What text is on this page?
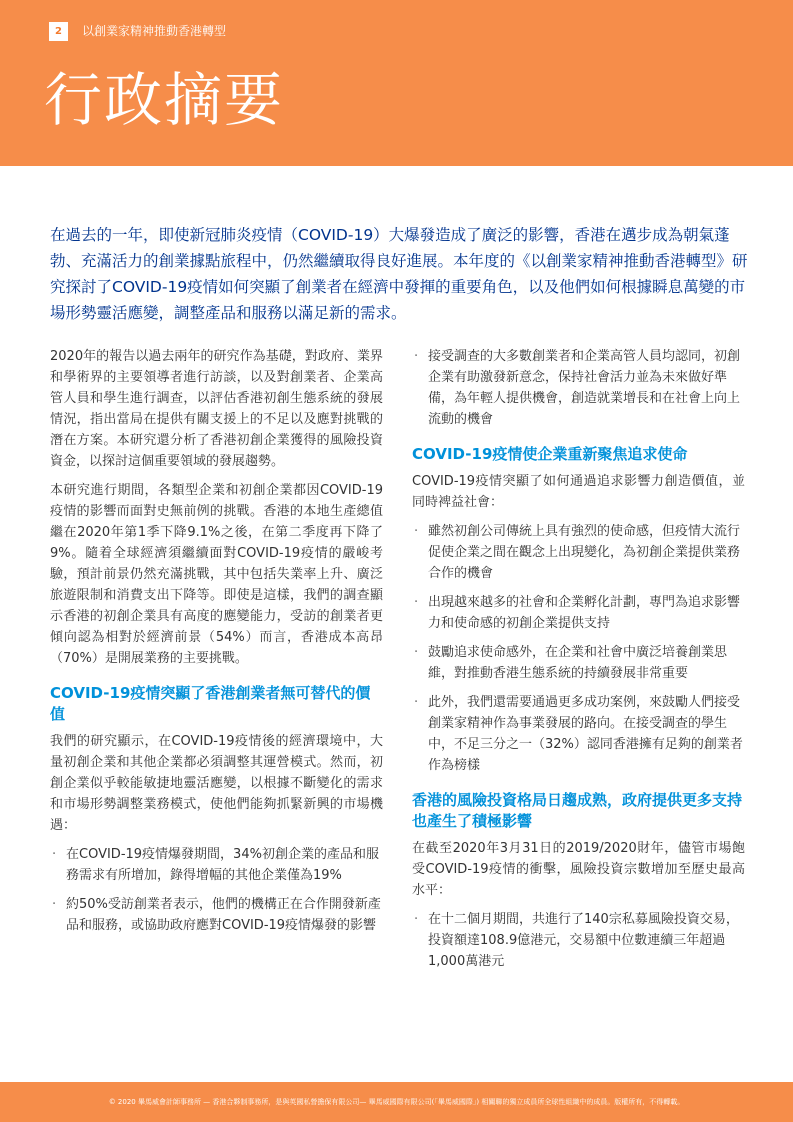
2	以創業家精神推動香港轉型
行政摘要
在過去的一年，即使新冠肺炎疫情（COVID-19）大爆發造成了廣泛的影響，香港在邁步成為朝氣蓬勃、充滿活力的創業據點旅程中，仍然繼續取得良好進展。本年度的《以創業家精神推動香港轉型》研究探討了COVID-19疫情如何突顯了創業者在經濟中發揮的重要角色，以及他們如何根據瞬息萬變的市場形勢靈活應變，調整產品和服務以滿足新的需求。

2020年的報告以過去兩年的研究作為基礎，對政府、業界和學術界的主要領導者進行訪談，以及對創業者、企業高管人員和學生進行調查，以評估香港初創生態系統的發展情況，指出當局在提供有關支援上的不足以及應對挑戰的潛在方案。本研究還分析了香港初創企業獲得的風險投資資金，以探討這個重要領域的發展趨勢。

本研究進行期間，各類型企業和初創企業都因COVID-19疫情的影響而面對史無前例的挑戰。香港的本地生產總值繼在2020年第1季下降9.1%之後，在第二季度再下降了9%。隨着全球經濟須繼續面對COVID-19疫情的嚴峻考驗，預計前景仍然充滿挑戰，其中包括失業率上升、廣泛旅遊限制和消費支出下降等。即使是這樣，我們的調查顯示香港的初創企業具有高度的應變能力，受訪的創業者更傾向認為相對於經濟前景（54%）而言，香港成本高昂（70%）是開展業務的主要挑戰。

COVID-19疫情突顯了香港創業者無可替代的價值

我們的研究顯示，在COVID-19疫情後的經濟環境中，大量初創企業和其他企業都必須調整其運營模式。然而，初創企業似乎較能敏捷地靈活應變，以根據不斷變化的需求和市場形勢調整業務模式，使他們能夠抓緊新興的市場機遇：

· 在COVID-19疫情爆發期間，34%初創企業的產品和服務需求有所增加，錄得增幅的其他企業僅為19%
· 約50%受訪創業者表示，他們的機構正在合作開發新產品和服務，或協助政府應對COVID-19疫情爆發的影響
· 接受調查的大多數創業者和企業高管人員均認同，初創企業有助激發新意念，保持社會活力並為未來做好準備，為年輕人提供機會，創造就業增長和在社會上向上流動的機會
COVID-19疫情使企業重新聚焦追求使命

COVID-19疫情突顯了如何通過追求影響力創造價值，並同時裨益社會：

· 雖然初創公司傳統上具有強烈的使命感，但疫情大流行促使企業之間在觀念上出現變化，為初創企業提供業務合作的機會
· 出現越來越多的社會和企業孵化計劃，專門為追求影響力和使命感的初創企業提供支持
· 鼓勵追求使命感外，在企業和社會中廣泛培養創業思維，對推動香港生態系統的持續發展非常重要
· 此外，我們還需要通過更多成功案例，來鼓勵人們接受創業家精神作為事業發展的路向。在接受調查的學生中，不足三分之一（32%）認同香港擁有足夠的創業者作為榜樣
香港的風險投資格局日趨成熟，政府提供更多支持也產生了積極影響

在截至2020年3月31日的2019/2020財年，儘管市場飽受COVID-19疫情的衝擊，風險投資宗數增加至歷史最高水平：

· 在十二個月期間，共進行了140宗私募風險投資交易，投資額達108.9億港元，交易額中位數連續三年超過1,000萬港元
© 2020 畢馬威會計師事務所 — 香港合夥制事務所，是與英國私營擔保有限公司— 畢馬威國際有限公司(「畢馬威國際」) 相關聯的獨立成員所全球性組織中的成員。版權所有，不得轉載。
